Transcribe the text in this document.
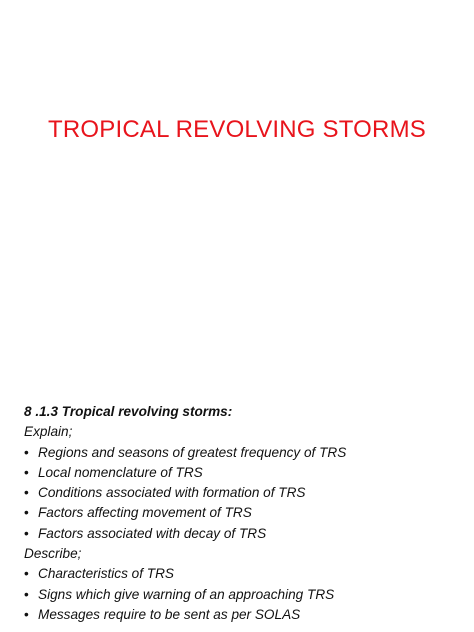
TROPICAL REVOLVING STORMS
8 .1.3 Tropical revolving storms:
Explain;
• Regions and seasons of greatest frequency of TRS
• Local nomenclature of TRS
• Conditions associated with formation of TRS
• Factors affecting movement of TRS
• Factors associated with decay of TRS
Describe;
• Characteristics of TRS
• Signs which give warning of an approaching TRS
• Messages require to be sent as per SOLAS
